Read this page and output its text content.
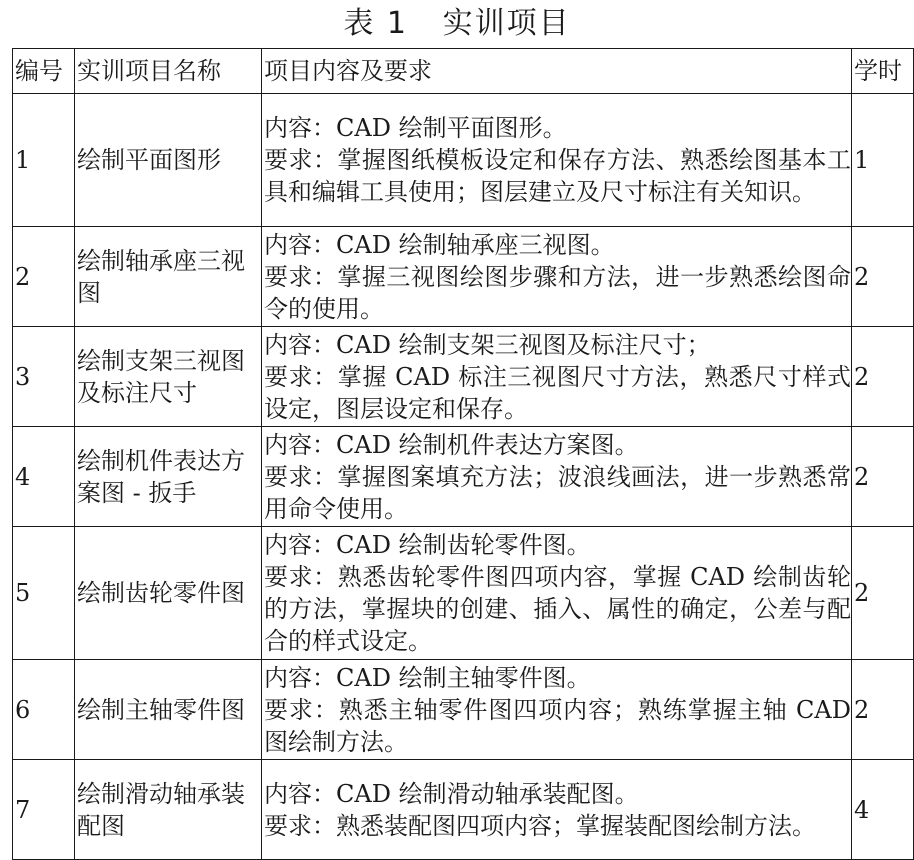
表 1   实训项目
编号	实训项目名称	项目内容及要求	学时
1	绘制平面图形	内容：CAD 绘制平面图形。
要求：掌握图纸模板设定和保存方法、熟悉绘图基本工具和编辑工具使用；图层建立及尺寸标注有关知识。	1
2	绘制轴承座三视图	内容：CAD 绘制轴承座三视图。
要求：掌握三视图绘图步骤和方法，进一步熟悉绘图命令的使用。	2
3	绘制支架三视图及标注尺寸	内容：CAD 绘制支架三视图及标注尺寸；
要求：掌握 CAD 标注三视图尺寸方法，熟悉尺寸样式设定，图层设定和保存。	2
4	绘制机件表达方案图 - 扳手	内容：CAD 绘制机件表达方案图。
要求：掌握图案填充方法；波浪线画法，进一步熟悉常用命令使用。	2
5	绘制齿轮零件图	内容：CAD 绘制齿轮零件图。
要求：熟悉齿轮零件图四项内容，掌握 CAD 绘制齿轮的方法，掌握块的创建、插入、属性的确定，公差与配合的样式设定。	2
6	绘制主轴零件图	内容：CAD 绘制主轴零件图。
要求：熟悉主轴零件图四项内容；熟练掌握主轴 CAD 图绘制方法。	2
7	绘制滑动轴承装配图	内容：CAD 绘制滑动轴承装配图。
要求：熟悉装配图四项内容；掌握装配图绘制方法。	4
